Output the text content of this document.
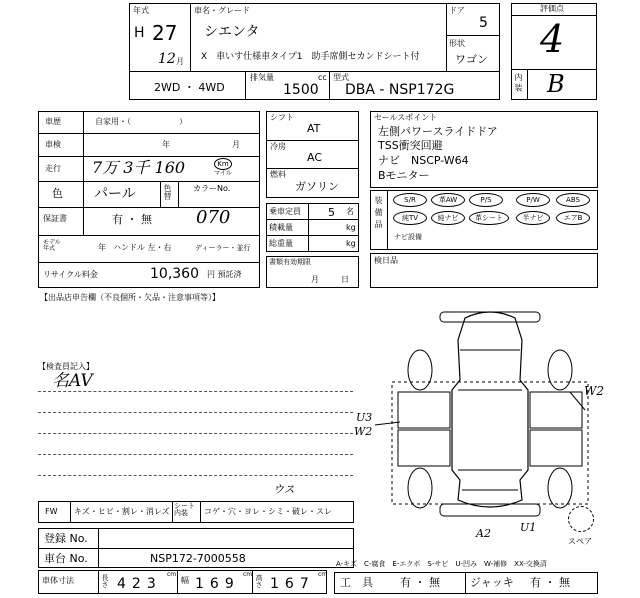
年式
H 27
12 月
車名・グレード
シエンタ
X　車いす仕様車タイプ1　助手席側セカンドシート付
ドア
5
形状
ワゴン
2WD ・ 4WD
排気量	cc
1500
型式
DBA - NSP172G
評価点
4
内 装 B
車歴	自家用・（　　　　　　）
車検	年	月
走行 7万 3千 160	Km
マイル
色 パール	色替	カラーNo.
保証書	有 ・ 無 070
モデル年式	年 ハンドル 左・右	ディーラー・並行
リサイクル料金	10,360 円 預託済
シフト
AT
冷房
AC
燃料
ガソリン
乗車定員 5 名
積載量	kg
総重量	kg
書類有効期限
月	日
セールスポイント
左側パワースライドドア
TSS衝突回避
ナビ　NSCP-W64
Bモニター
装備品	S/R	革AW	P/S	P/W	ABS
純TV	純ナビ 革シート	半ナビ	エアB
ナビ設備
検日品
【出品店申告欄（不良個所・欠品・注意事項等）】
【検査員記入】
名AV	W2
U3
W2
A2	U1
スペア
FW キズ・ヒビ・割レ・消レズ
シート内装	コゲ・穴・ヨレ・シミ・破レ・スレ
ウス
登録 No.
車台 No.	NSP172-7000558
車体寸法	長さ 423
cm
幅 169
cm 高さ 167
cm
A-キズ　C-腐食　E-エクボ　S-サビ　U-凹み　W-補修　XX-交換済
工　具 有 ・ 無	ジャッキ 有 ・ 無
